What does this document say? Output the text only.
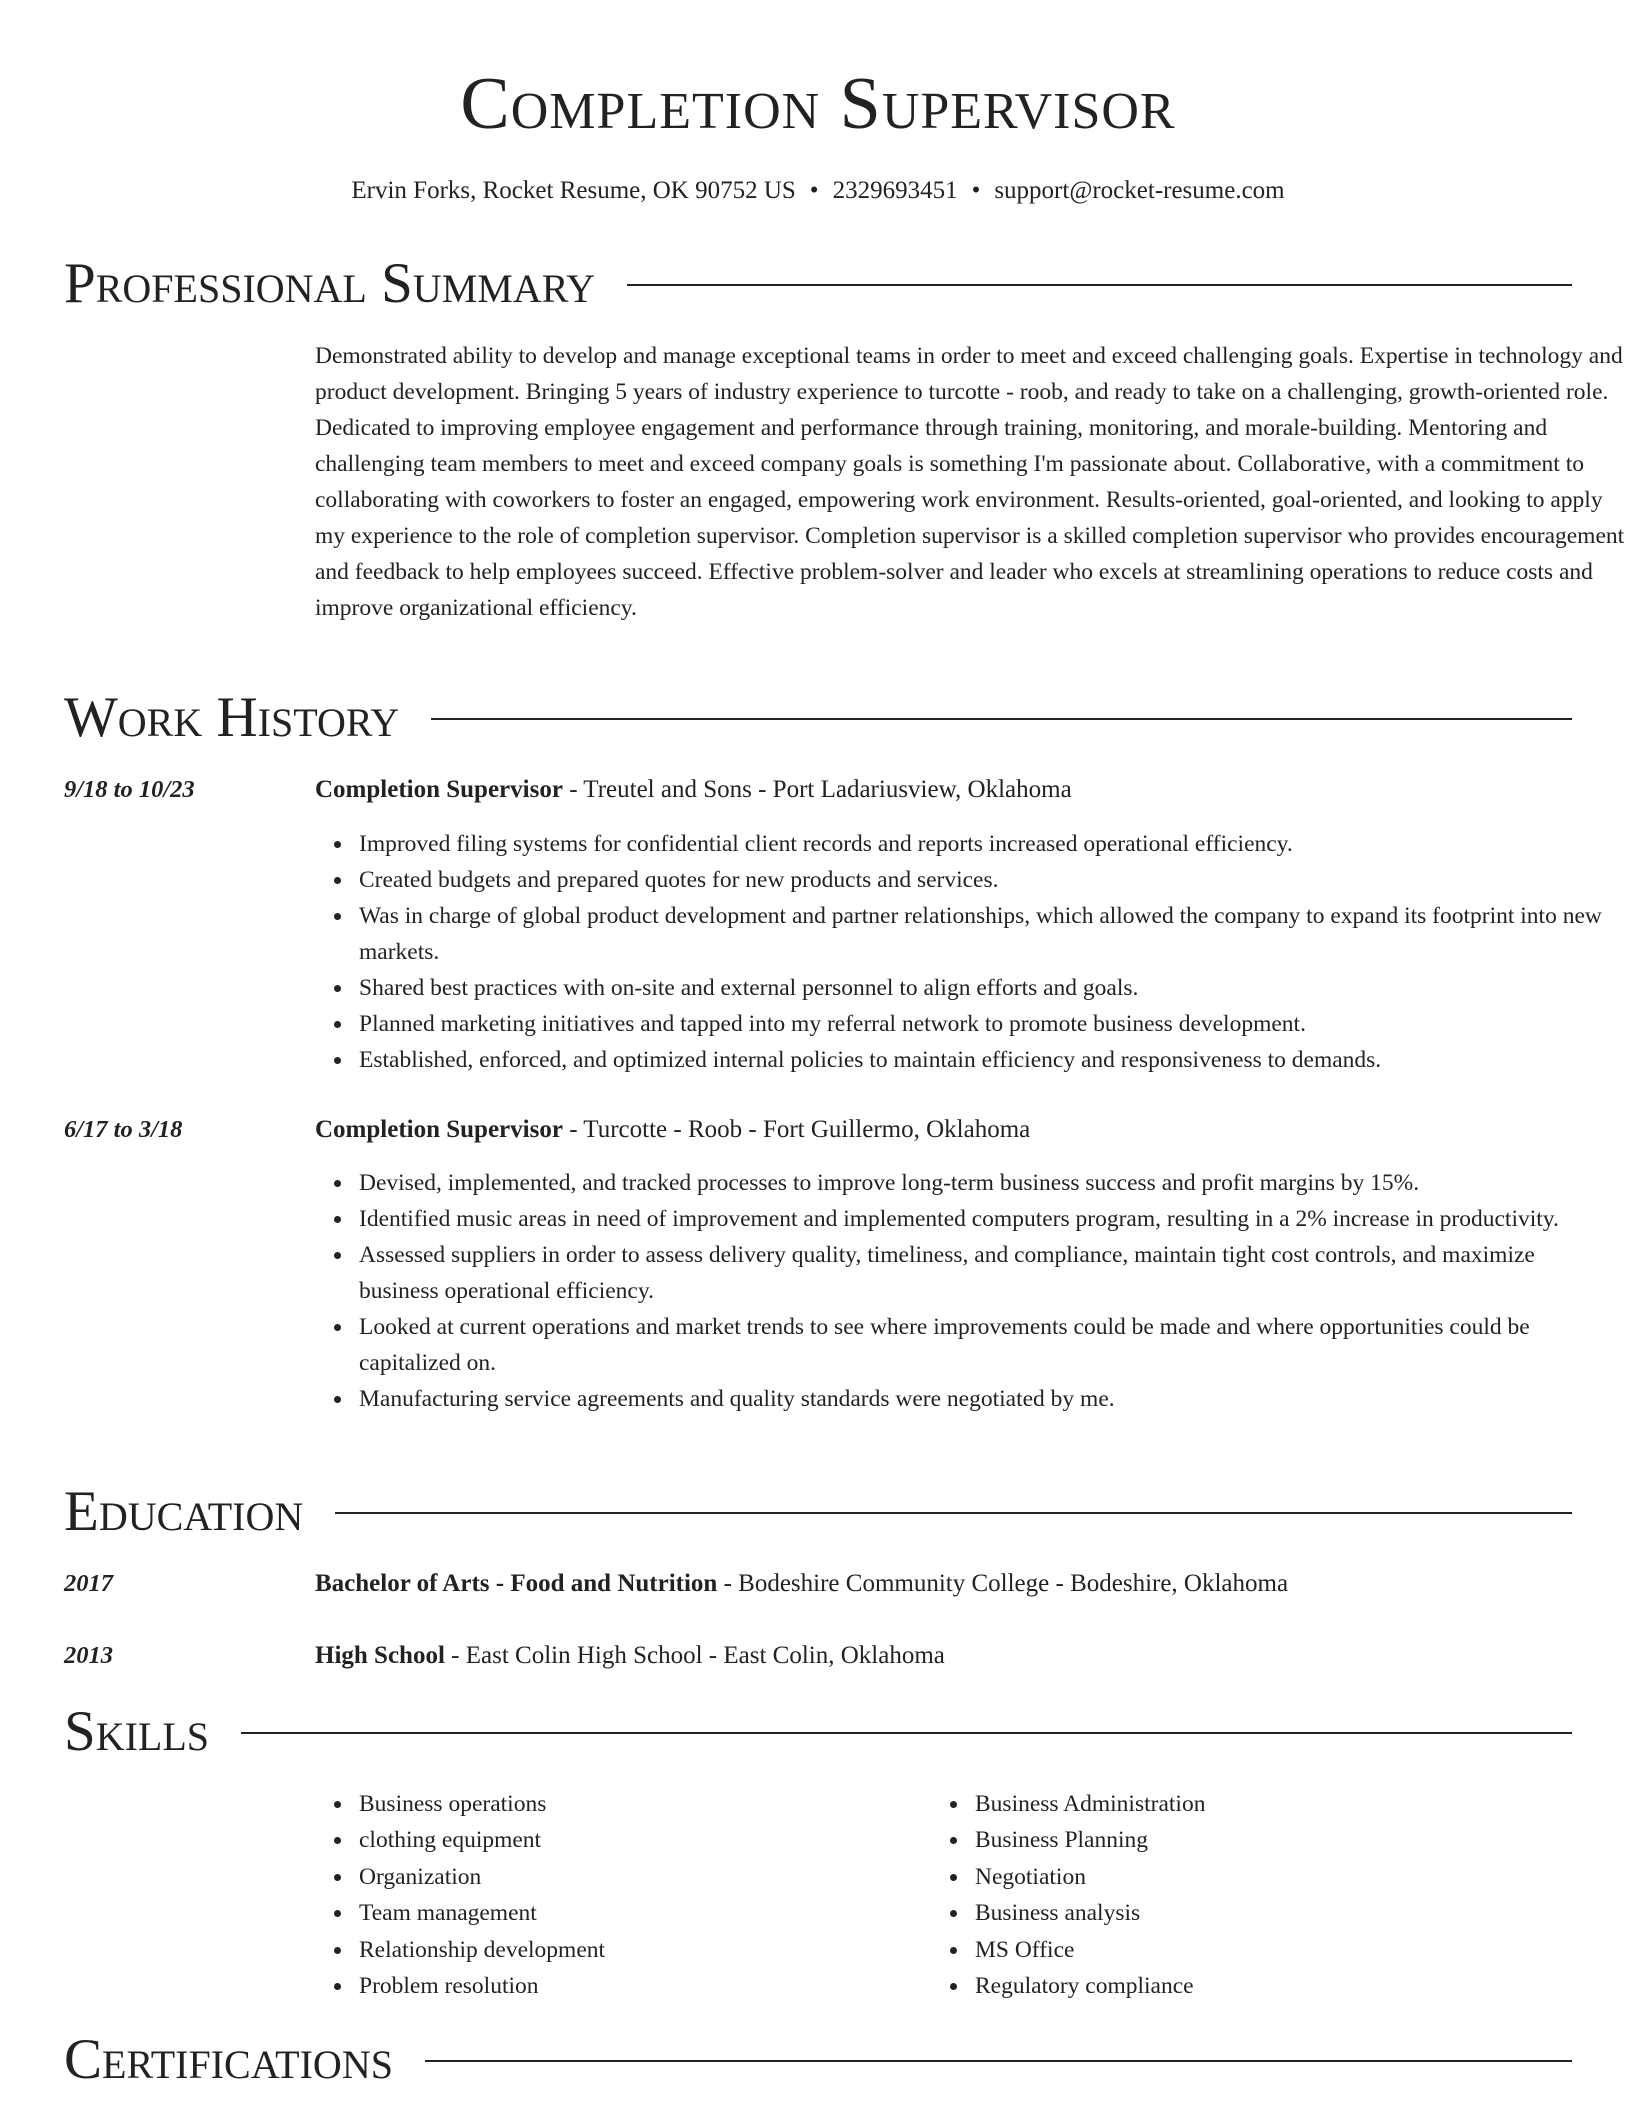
Completion Supervisor
Ervin Forks, Rocket Resume, OK 90752 US • 2329693451 • support@rocket-resume.com
Professional Summary
Demonstrated ability to develop and manage exceptional teams in order to meet and exceed challenging goals. Expertise in technology and product development. Bringing 5 years of industry experience to turcotte - roob, and ready to take on a challenging, growth-oriented role. Dedicated to improving employee engagement and performance through training, monitoring, and morale-building. Mentoring and challenging team members to meet and exceed company goals is something I'm passionate about. Collaborative, with a commitment to collaborating with coworkers to foster an engaged, empowering work environment. Results-oriented, goal-oriented, and looking to apply my experience to the role of completion supervisor. Completion supervisor is a skilled completion supervisor who provides encouragement and feedback to help employees succeed. Effective problem-solver and leader who excels at streamlining operations to reduce costs and improve organizational efficiency.
Work History
9/18 to 10/23	Completion Supervisor - Treutel and Sons - Port Ladariusview, Oklahoma
Improved filing systems for confidential client records and reports increased operational efficiency.
Created budgets and prepared quotes for new products and services.
Was in charge of global product development and partner relationships, which allowed the company to expand its footprint into new markets.
Shared best practices with on-site and external personnel to align efforts and goals.
Planned marketing initiatives and tapped into my referral network to promote business development.
Established, enforced, and optimized internal policies to maintain efficiency and responsiveness to demands.
6/17 to 3/18	Completion Supervisor - Turcotte - Roob - Fort Guillermo, Oklahoma
Devised, implemented, and tracked processes to improve long-term business success and profit margins by 15%.
Identified music areas in need of improvement and implemented computers program, resulting in a 2% increase in productivity.
Assessed suppliers in order to assess delivery quality, timeliness, and compliance, maintain tight cost controls, and maximize business operational efficiency.
Looked at current operations and market trends to see where improvements could be made and where opportunities could be capitalized on.
Manufacturing service agreements and quality standards were negotiated by me.
Education
2017	Bachelor of Arts - Food and Nutrition - Bodeshire Community College - Bodeshire, Oklahoma
2013	High School - East Colin High School - East Colin, Oklahoma
Skills
Business operations
clothing equipment
Organization
Team management
Relationship development
Problem resolution
Business Administration
Business Planning
Negotiation
Business analysis
MS Office
Regulatory compliance
Certifications
